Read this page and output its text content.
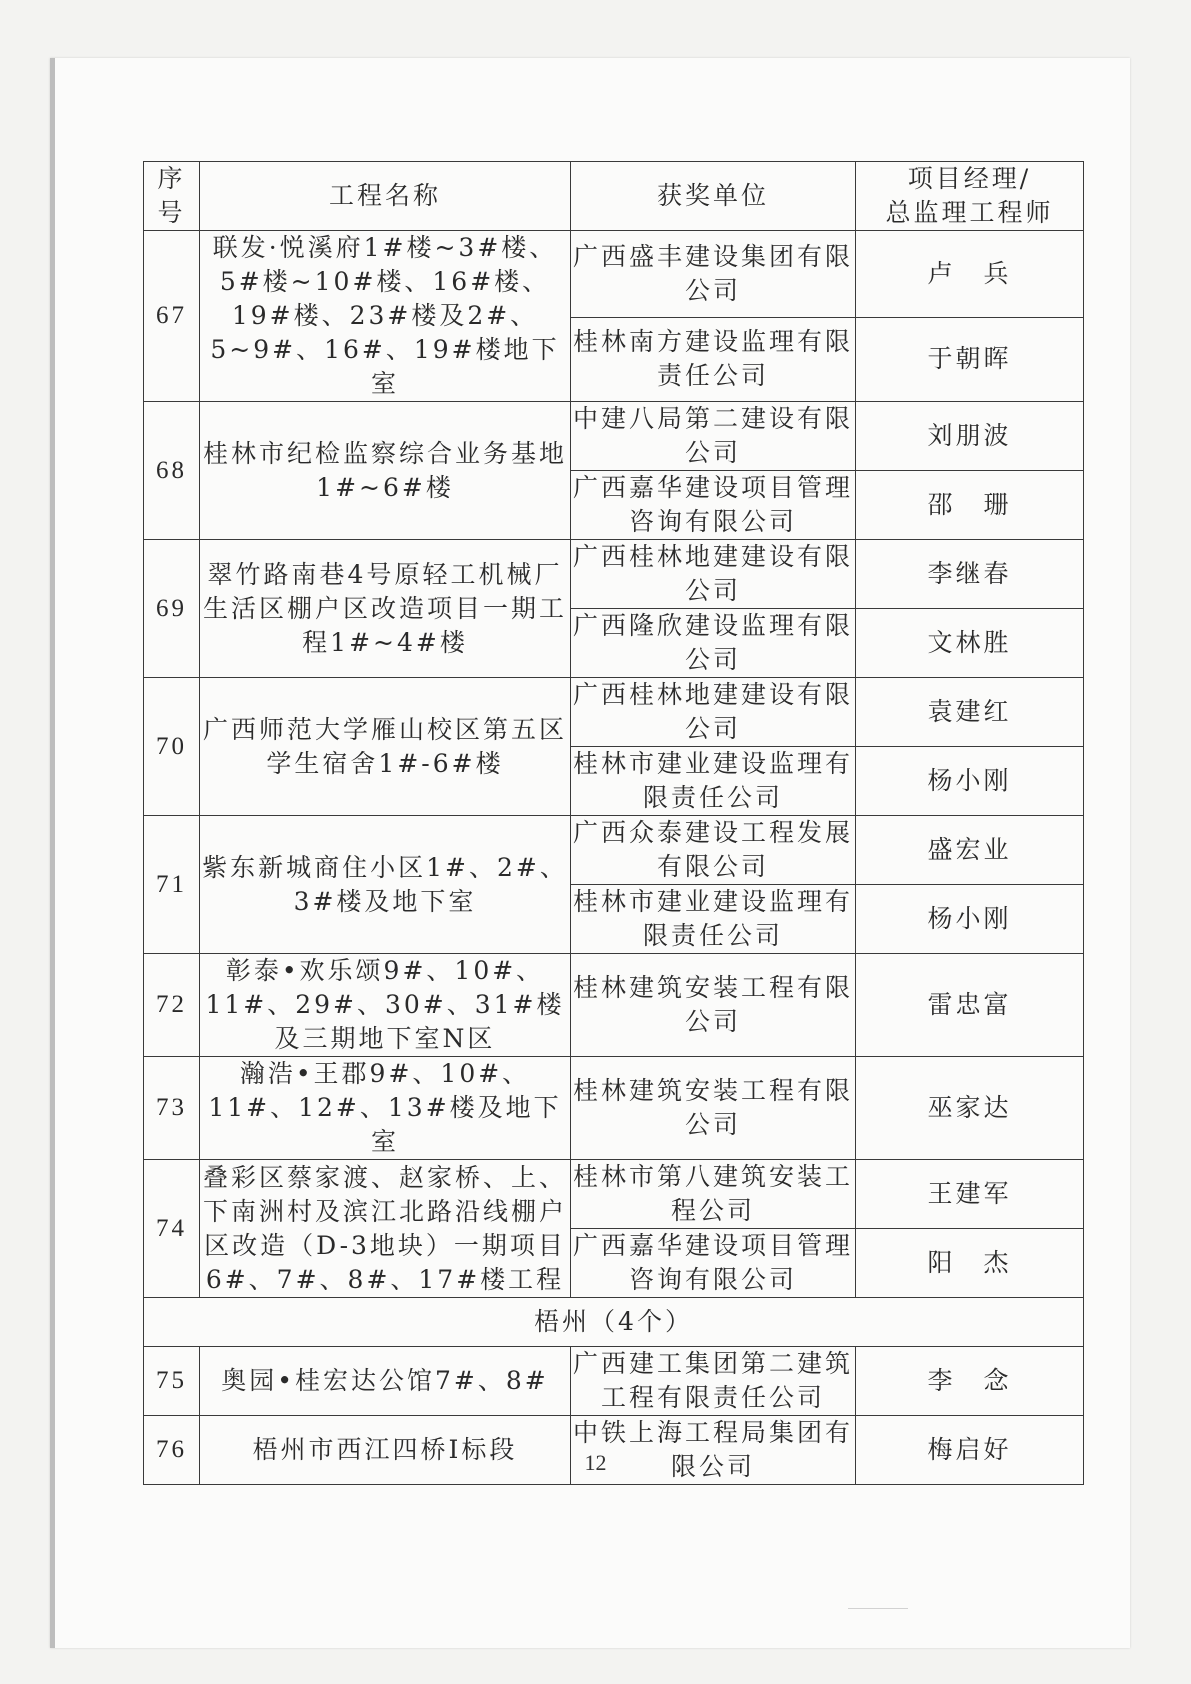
序号	工程名称	获奖单位	项目经理/
总监理工程师
67	联发·悦溪府1#楼~3#楼、5#楼~10#楼、16#楼、19#楼、23#楼及2#、5~9#、16#、19#楼地下室	广西盛丰建设集团有限公司	卢　兵
		桂林南方建设监理有限责任公司	于朝晖
68	桂林市纪检监察综合业务基地1#~6#楼	中建八局第二建设有限公司	刘朋波
		广西嘉华建设项目管理咨询有限公司	邵　珊
69	翠竹路南巷4号原轻工机械厂生活区棚户区改造项目一期工程1#~4#楼	广西桂林地建建设有限公司	李继春
		广西隆欣建设监理有限公司	文林胜
70	广西师范大学雁山校区第五区学生宿舍1#-6#楼	广西桂林地建建设有限公司	袁建红
		桂林市建业建设监理有限责任公司	杨小刚
71	紫东新城商住小区1#、2#、3#楼及地下室	广西众泰建设工程发展有限公司	盛宏业
		桂林市建业建设监理有限责任公司	杨小刚
72	彰泰•欢乐颂9#、10#、11#、29#、30#、31#楼及三期地下室N区	桂林建筑安装工程有限公司	雷忠富
73	瀚浩•王郡9#、10#、11#、12#、13#楼及地下室	桂林建筑安装工程有限公司	巫家达
74	叠彩区蔡家渡、赵家桥、上、下南洲村及滨江北路沿线棚户区改造（D-3地块）一期项目6#、7#、8#、17#楼工程	桂林市第八建筑安装工程公司	王建军
		广西嘉华建设项目管理咨询有限公司	阳　杰
梧州（4个）			
75	奥园•桂宏达公馆7#、8#	广西建工集团第二建筑工程有限责任公司	李　念
76	梧州市西江四桥Ⅰ标段	中铁上海工程局集团有限公司	梅启好
12
